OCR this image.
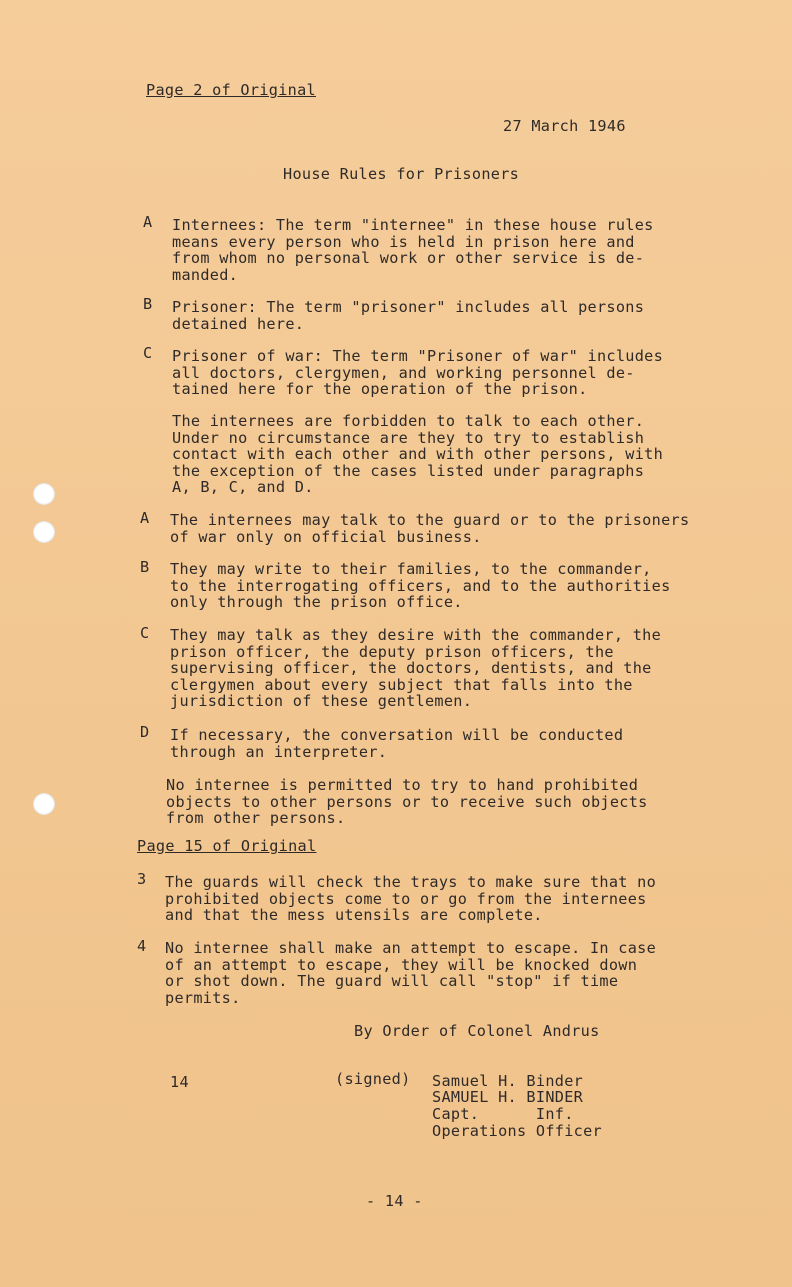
Page 2 of Original
27 March 1946
House Rules for Prisoners
A Internees: The term "internee" in these house rules
means every person who is held in prison here and
from whom no personal work or other service is de-
manded.
B Prisoner: The term "prisoner" includes all persons
detained here.
C Prisoner of war: The term "Prisoner of war" includes
all doctors, clergymen, and working personnel de-
tained here for the operation of the prison.
The internees are forbidden to talk to each other.
Under no circumstance are they to try to establish
contact with each other and with other persons, with
the exception of the cases listed under paragraphs
A, B, C, and D.
A The internees may talk to the guard or to the prisoners
of war only on official business.
B They may write to their families, to the commander,
to the interrogating officers, and to the authorities
only through the prison office.
C They may talk as they desire with the commander, the
prison officer, the deputy prison officers, the
supervising officer, the doctors, dentists, and the
clergymen about every subject that falls into the
jurisdiction of these gentlemen.
D If necessary, the conversation will be conducted
through an interpreter.
No internee is permitted to try to hand prohibited
objects to other persons or to receive such objects
from other persons.
Page 15 of Original
3 The guards will check the trays to make sure that no
prohibited objects come to or go from the internees
and that the mess utensils are complete.
4 No internee shall make an attempt to escape. In case
of an attempt to escape, they will be knocked down
or shot down. The guard will call "stop" if time
permits.
By Order of Colonel Andrus
14	(signed) Samuel H. Binder
SAMUEL H. BINDER
Capt.      Inf.
Operations Officer
- 14 -
